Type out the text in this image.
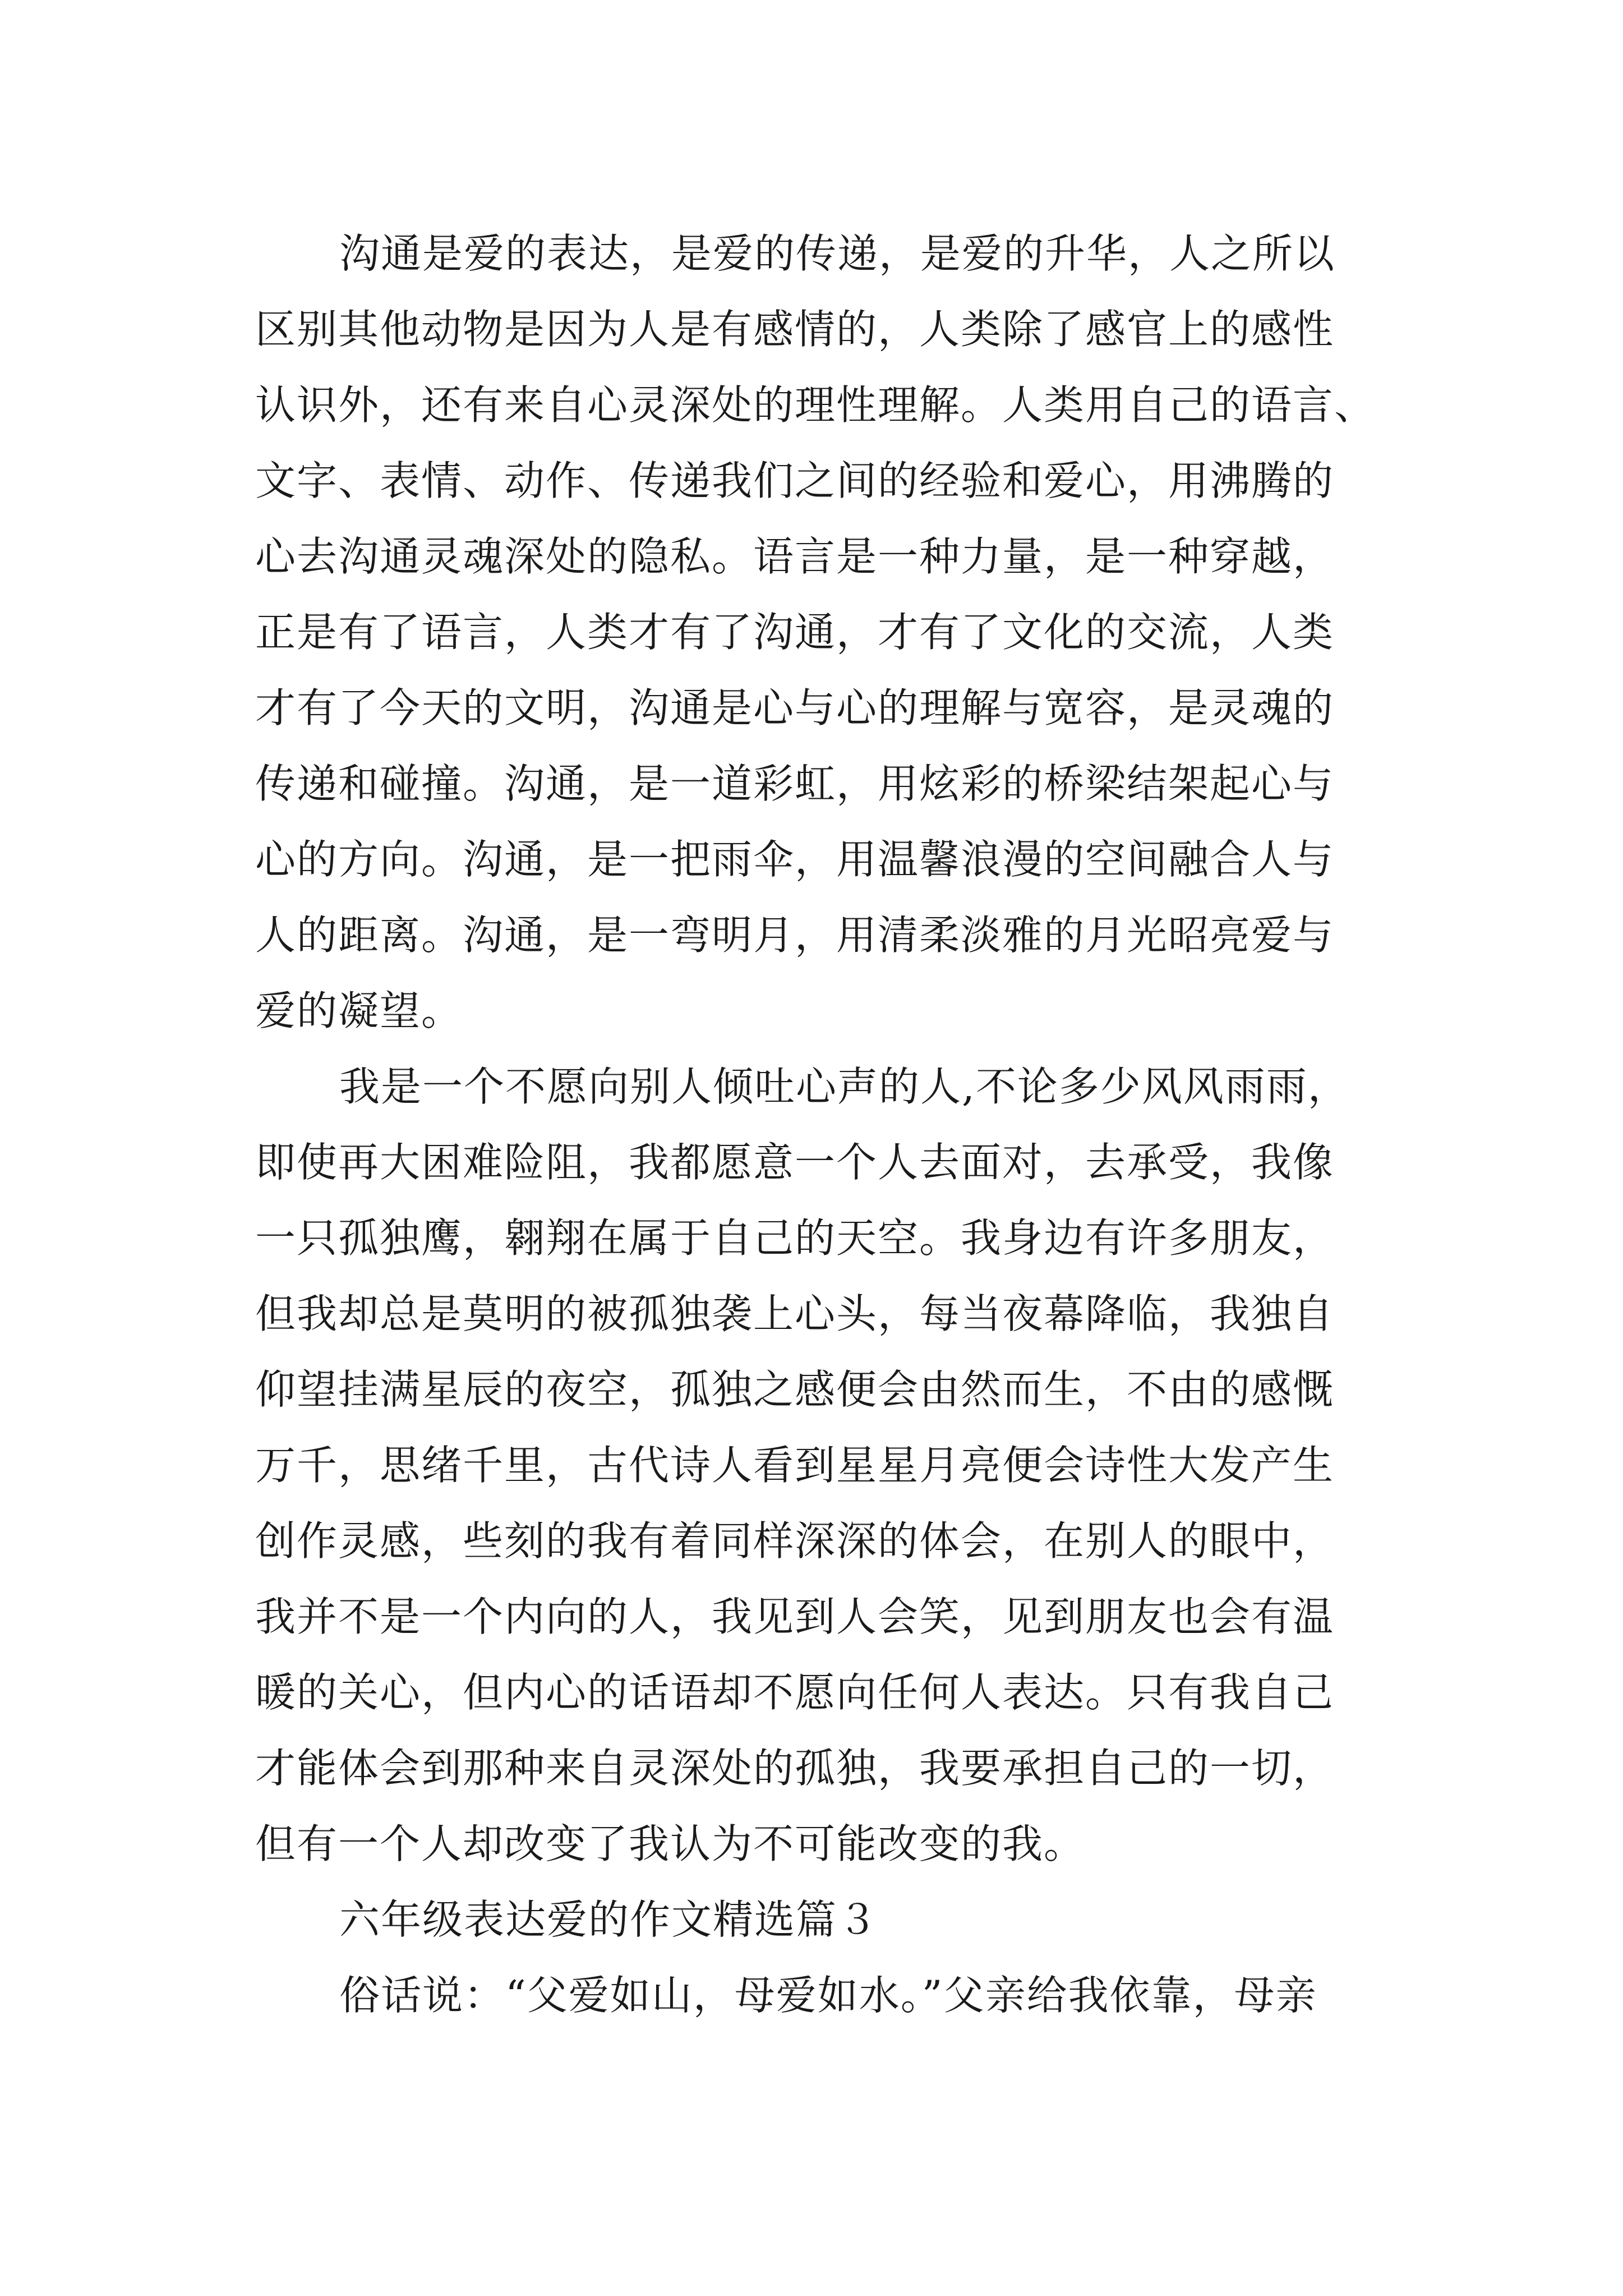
沟通是爱的表达，是爱的传递，是爱的升华，人之所以
区别其他动物是因为人是有感情的，人类除了感官上的感性
认识外，还有来自心灵深处的理性理解。人类用自己的语言、
文字、表情、动作、传递我们之间的经验和爱心，用沸腾的
心去沟通灵魂深处的隐私。语言是一种力量，是一种穿越，
正是有了语言，人类才有了沟通，才有了文化的交流，人类
才有了今天的文明，沟通是心与心的理解与宽容，是灵魂的
传递和碰撞。沟通，是一道彩虹，用炫彩的桥梁结架起心与
心的方向。沟通，是一把雨伞，用温馨浪漫的空间融合人与
人的距离。沟通，是一弯明月，用清柔淡雅的月光昭亮爱与
爱的凝望。
我是一个不愿向别人倾吐心声的人,不论多少风风雨雨，
即使再大困难险阻，我都愿意一个人去面对，去承受，我像
一只孤独鹰，翱翔在属于自己的天空。我身边有许多朋友，
但我却总是莫明的被孤独袭上心头，每当夜幕降临，我独自
仰望挂满星辰的夜空，孤独之感便会由然而生，不由的感慨
万千，思绪千里，古代诗人看到星星月亮便会诗性大发产生
创作灵感，些刻的我有着同样深深的体会，在别人的眼中，
我并不是一个内向的人，我见到人会笑，见到朋友也会有温
暖的关心，但内心的话语却不愿向任何人表达。只有我自己
才能体会到那种来自灵深处的孤独，我要承担自己的一切，
但有一个人却改变了我认为不可能改变的我。
六年级表达爱的作文精选篇３
俗话说：“父爱如山，母爱如水。”父亲给我依靠，母亲
